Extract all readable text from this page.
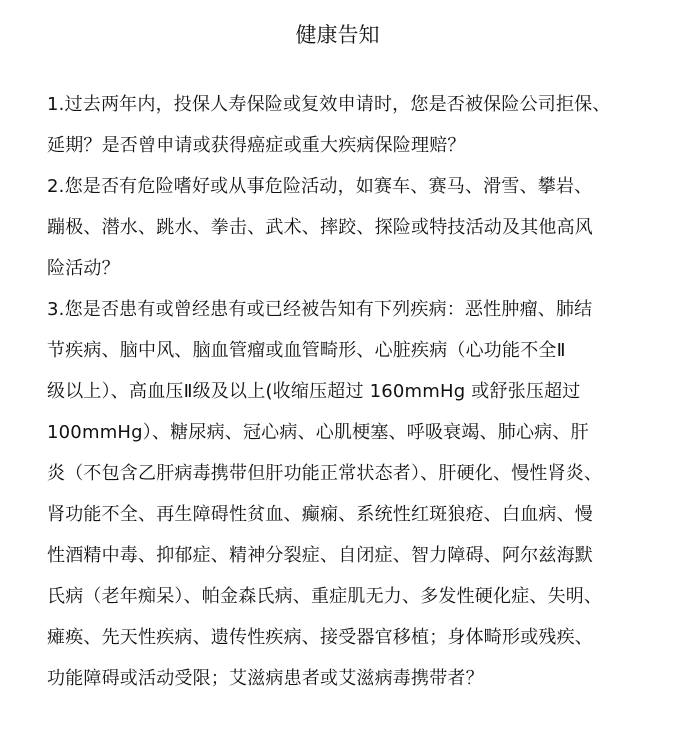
健康告知
1.过去两年内，投保人寿保险或复效申请时，您是否被保险公司拒保、
延期？是否曾申请或获得癌症或重大疾病保险理赔？
2.您是否有危险嗜好或从事危险活动，如赛车、赛马、滑雪、攀岩、
蹦极、潜水、跳水、拳击、武术、摔跤、探险或特技活动及其他高风
险活动？
3.您是否患有或曾经患有或已经被告知有下列疾病：恶性肿瘤、肺结
节疾病、脑中风、脑血管瘤或血管畸形、心脏疾病（心功能不全Ⅱ
级以上）、高血压Ⅱ级及以上(收缩压超过 160mmHg 或舒张压超过
100mmHg）、糖尿病、冠心病、心肌梗塞、呼吸衰竭、肺心病、肝
炎（不包含乙肝病毒携带但肝功能正常状态者）、肝硬化、慢性肾炎、
肾功能不全、再生障碍性贫血、癫痫、系统性红斑狼疮、白血病、慢
性酒精中毒、抑郁症、精神分裂症、自闭症、智力障碍、阿尔兹海默
氏病（老年痴呆）、帕金森氏病、重症肌无力、多发性硬化症、失明、
瘫痪、先天性疾病、遗传性疾病、接受器官移植；身体畸形或残疾、
功能障碍或活动受限；艾滋病患者或艾滋病毒携带者？
